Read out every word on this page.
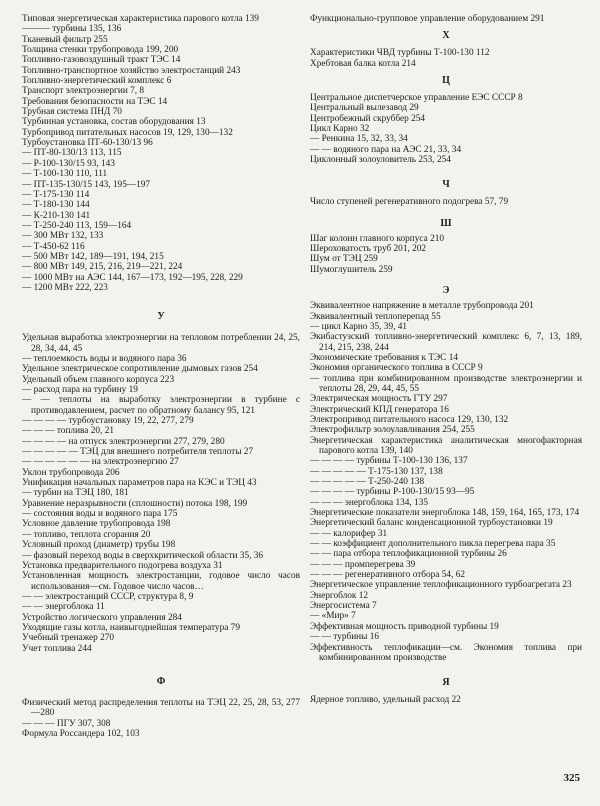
Типовая энергетическая характеристика парового котла 139
——— турбины 135, 136
Тканевый фильтр 255
Толщина стенки трубопровода 199, 200
Топливно-газовоздушный тракт ТЭС 14
Топливно-транспортное хозяйство электростанций 243
Топливно-энергетический комплекс 6
Транспорт электроэнергии 7, 8
Требования безопасности на ТЭС 14
Трубная система ПНД 70
Турбинная установка, состав оборудования 13
Турбопривод питательных насосов 19, 129, 130—132
Турбоустановка ПТ-60-130/13 96
— ПТ-80-130/13 113, 115
— Р-100-130/15 93, 143
— Т-100-130 110, 111
— ПТ-135-130/15 143, 195—197
— Т-175-130 114
— Т-180-130 144
— К-210-130 141
— Т-250-240 113, 159—164
— 300 МВт 132, 133
— Т-450-62 116
— 500 МВт 142, 189—191, 194, 215
— 800 МВт 149, 215, 216, 219—221, 224
— 1000 МВт на АЭС 144, 167—173, 192—195, 228, 229
— 1200 МВт 222, 223
У
Удельная выработка электроэнергии на тепловом потреблении 24, 25, 28, 34, 44, 45
— теплоемкость воды и водяного пара 36
Удельное электрическое сопротивление дымовых газов 254
Удельный объем главного корпуса 223
— расход пара на турбину 19
— — теплоты на выработку электроэнергии в турбине с противодавлением, расчет по обратному балансу 95, 121
— — — — турбоустановку 19, 22, 277, 279
— — — топлива 20, 21
— — — — на отпуск электроэнергии 277, 279, 280
— — — — — ТЭЦ для внешнего потребителя теплоты 27
— — — — — — на электроэнергию 27
Уклон трубопровода 206
Унификация начальных параметров пара на КЭС и ТЭЦ 43
— турбин на ТЭЦ 180, 181
Уравнение неразрывности (сплошности) потока 198, 199
— состояния воды и водяного пара 175
Условное давление трубопровода 198
— топливо, теплота сгорания 20
Условный проход (диаметр) трубы 198
— фазовый переход воды в сверхкритической области 35, 36
Установка предварительного подогрева воздуха 31
Установленная мощность электростанции, годовое число часов использования—см. Годовое число часов…
— — электростанций СССР, структура 8, 9
— — энергоблока 11
Устройство логического управления 284
Уходящие газы котла, наивыгоднейшая температура 79
Учебный тренажер 270
Учет топлива 244
Ф
Физический метод распределения теплоты на ТЭЦ 22, 25, 28, 53, 277—280
— — — ПГУ 307, 308
Формула Россандера 102, 103
Функционально-групповое управление оборудованием 291
Х
Характеристики ЧВД турбины Т-100-130 112
Хребтовая балка котла 214
Ц
Центральное диспетчерское управление ЕЭС СССР 8
Центральный вылезавод 29
Центробежный скруббер 254
Цикл Карно 32
— Ренкина 15, 32, 33, 34
— — водяного пара на АЭС 21, 33, 34
Циклонный золоуловитель 253, 254
Ч
Число ступеней регенеративного подогрева 57, 79
Ш
Шаг колонн главного корпуса 210
Шероховатость труб 201, 202
Шум от ТЭЦ 259
Шумоглушитель 259
Э
Эквивалентное напряжение в металле трубопровода 201
Эквивалентный теплоперепад 55
— цикл Карно 35, 39, 41
Экибастузский топливно-энергетический комплекс 6, 7, 13, 189, 214, 215, 238, 244
Экономические требования к ТЭС 14
Экономия органического топлива в СССР 9
— топлива при комбинированном производстве электроэнергии и теплоты 28, 29, 44, 45, 55
Электрическая мощность ГТУ 297
Электрический КПД генератора 16
Электропривод питательного насоса 129, 130, 132
Электрофильтр золоулавливания 254, 255
Энергетическая характеристика аналитическая многофакторная парового котла 139, 140
— — — — турбины Т-100-130 136, 137
— — — — — Т-175-130 137, 138
— — — — — Т-250-240 138
— — — — турбины Р-100-130/15 93—95
— — — энергоблока 134, 135
Энергетические показатели энергоблока 148, 159, 164, 165, 173, 174
Энергетический баланс конденсационной турбоустановки 19
— — калорифер 31
— — коэффициент дополнительного пикла перегрева пара 35
— — пара отбора теплофикационной турбины 26
— — — промперегрева 39
— — — регенеративного отбора 54, 62
Энергетическое управление теплофикационного турбоагрегата 23
Энергоблок 12
Энергосистема 7
— «Мир» 7
Эффективная мощность приводной турбины 19
— — турбины 16
Эффективность теплофикации—см. Экономия топлива при комбинированном производстве
Я
Ядерное топливо, удельный расход 22
325
